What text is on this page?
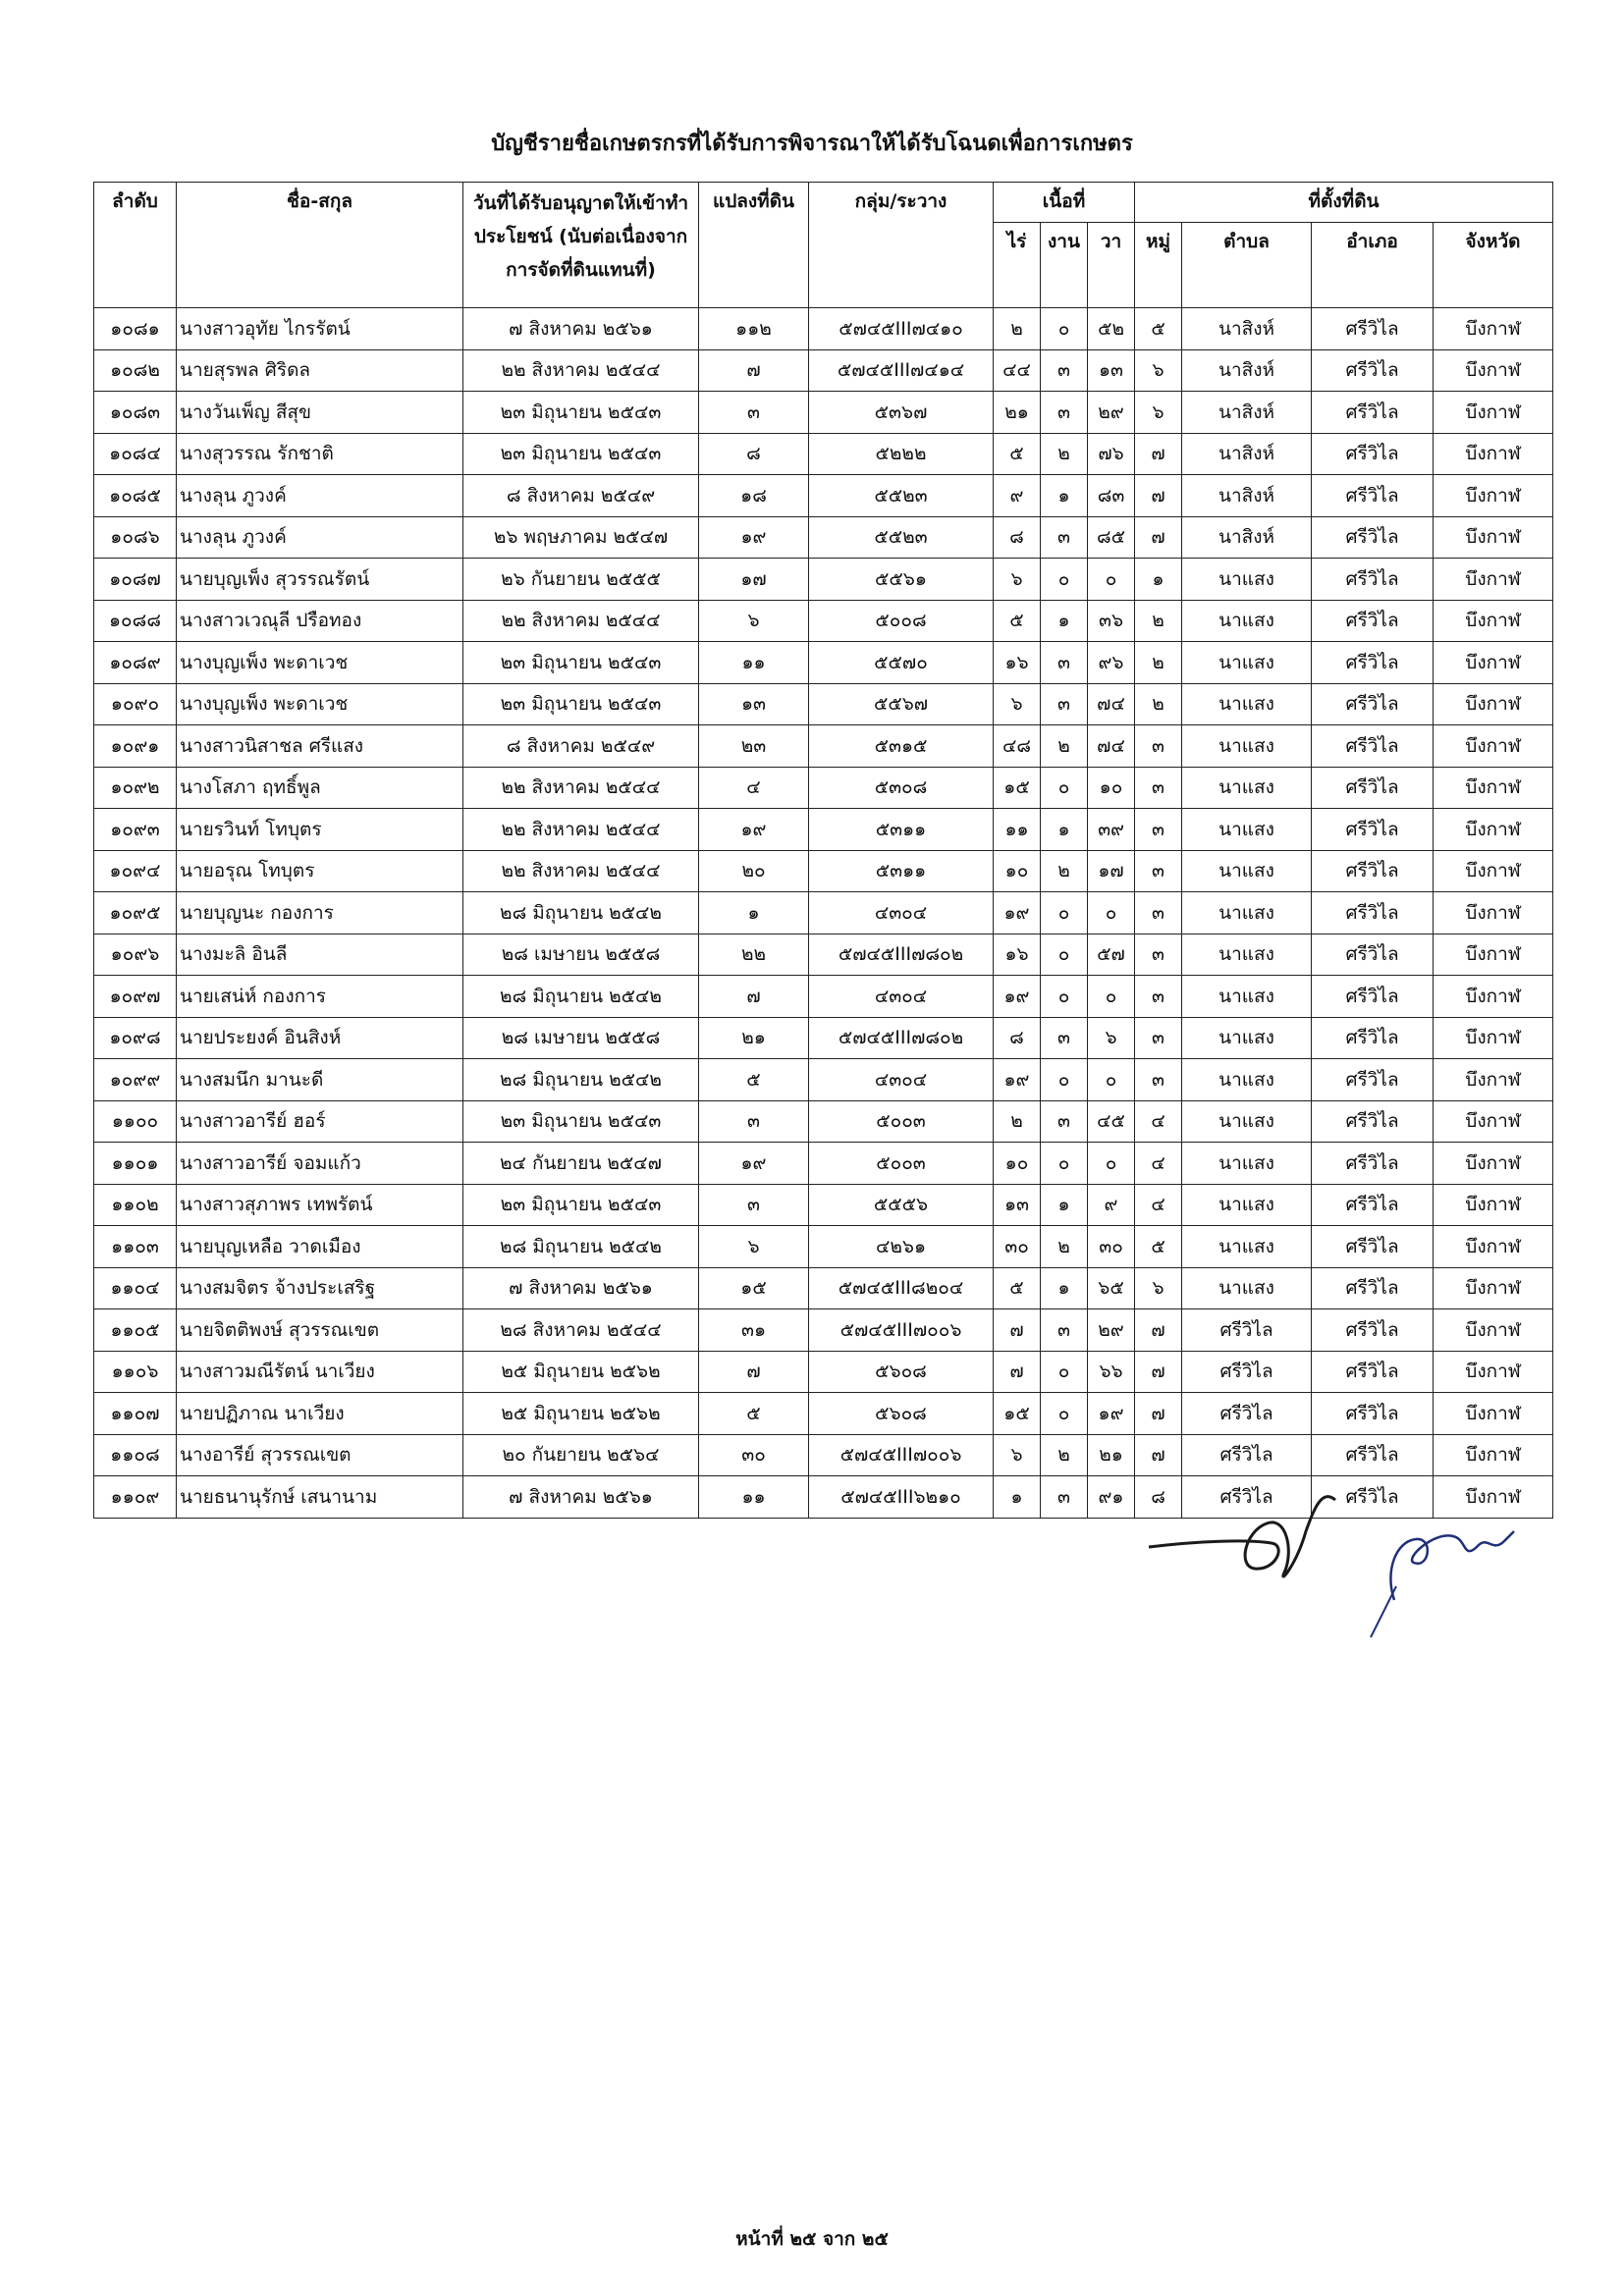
บัญชีรายชื่อเกษตรกรที่ได้รับการพิจารณาให้ได้รับโฉนดเพื่อการเกษตร
ลำดับ	ชื่อ-สกุล	วันที่ได้รับอนุญาตให้เข้าทำประโยชน์ (นับต่อเนื่องจากการจัดที่ดินแทนที่)	แปลงที่ดิน	กลุ่ม/ระวาง	เนื้อที่			ที่ตั้งที่ดิน			
					ไร่	งาน	วา	หมู่	ตำบล	อำเภอ	จังหวัด
๑๐๘๑	นางสาวอุทัย ไกรรัตน์	๗ สิงหาคม ๒๕๖๑	๑๑๒	๕๗๔๕III๗๔๑๐	๒	๐	๕๒	๕	นาสิงห์	ศรีวิไล	บึงกาฬ
๑๐๘๒	นายสุรพล ศิริดล	๒๒ สิงหาคม ๒๕๔๔	๗	๕๗๔๕III๗๔๑๔	๔๔	๓	๑๓	๖	นาสิงห์	ศรีวิไล	บึงกาฬ
๑๐๘๓	นางวันเพ็ญ สีสุข	๒๓ มิถุนายน ๒๕๔๓	๓	๕๓๖๗	๒๑	๓	๒๙	๖	นาสิงห์	ศรีวิไล	บึงกาฬ
๑๐๘๔	นางสุวรรณ รักชาติ	๒๓ มิถุนายน ๒๕๔๓	๘	๕๒๒๒	๕	๒	๗๖	๗	นาสิงห์	ศรีวิไล	บึงกาฬ
๑๐๘๕	นางลุน ภูวงค์	๘ สิงหาคม ๒๕๔๙	๑๘	๕๕๒๓	๙	๑	๘๓	๗	นาสิงห์	ศรีวิไล	บึงกาฬ
๑๐๘๖	นางลุน ภูวงค์	๒๖ พฤษภาคม ๒๕๔๗	๑๙	๕๕๒๓	๘	๓	๘๕	๗	นาสิงห์	ศรีวิไล	บึงกาฬ
๑๐๘๗	นายบุญเพ็ง สุวรรณรัตน์	๒๖ กันยายน ๒๕๕๕	๑๗	๕๕๖๑	๖	๐	๐	๑	นาแสง	ศรีวิไล	บึงกาฬ
๑๐๘๘	นางสาวเวณุลี ปรือทอง	๒๒ สิงหาคม ๒๕๔๔	๖	๕๐๐๘	๕	๑	๓๖	๒	นาแสง	ศรีวิไล	บึงกาฬ
๑๐๘๙	นางบุญเพ็ง พะดาเวช	๒๓ มิถุนายน ๒๕๔๓	๑๑	๕๕๗๐	๑๖	๓	๙๖	๒	นาแสง	ศรีวิไล	บึงกาฬ
๑๐๙๐	นางบุญเพ็ง พะดาเวช	๒๓ มิถุนายน ๒๕๔๓	๑๓	๕๕๖๗	๖	๓	๗๔	๒	นาแสง	ศรีวิไล	บึงกาฬ
๑๐๙๑	นางสาวนิสาชล ศรีแสง	๘ สิงหาคม ๒๕๔๙	๒๓	๕๓๑๕	๔๘	๒	๗๔	๓	นาแสง	ศรีวิไล	บึงกาฬ
๑๐๙๒	นางโสภา ฤทธิ์พูล	๒๒ สิงหาคม ๒๕๔๔	๔	๕๓๐๘	๑๕	๐	๑๐	๓	นาแสง	ศรีวิไล	บึงกาฬ
๑๐๙๓	นายรวินท์ โทบุตร	๒๒ สิงหาคม ๒๕๔๔	๑๙	๕๓๑๑	๑๑	๑	๓๙	๓	นาแสง	ศรีวิไล	บึงกาฬ
๑๐๙๔	นายอรุณ โทบุตร	๒๒ สิงหาคม ๒๕๔๔	๒๐	๕๓๑๑	๑๐	๒	๑๗	๓	นาแสง	ศรีวิไล	บึงกาฬ
๑๐๙๕	นายบุญนะ กองการ	๒๘ มิถุนายน ๒๕๔๒	๑	๔๓๐๔	๑๙	๐	๐	๓	นาแสง	ศรีวิไล	บึงกาฬ
๑๐๙๖	นางมะลิ อินลี	๒๘ เมษายน ๒๕๕๘	๒๒	๕๗๔๕III๗๘๐๒	๑๖	๐	๕๗	๓	นาแสง	ศรีวิไล	บึงกาฬ
๑๐๙๗	นายเสน่ห์ กองการ	๒๘ มิถุนายน ๒๕๔๒	๗	๔๓๐๔	๑๙	๐	๐	๓	นาแสง	ศรีวิไล	บึงกาฬ
๑๐๙๘	นายประยงค์ อินสิงห์	๒๘ เมษายน ๒๕๕๘	๒๑	๕๗๔๕III๗๘๐๒	๘	๓	๖	๓	นาแสง	ศรีวิไล	บึงกาฬ
๑๐๙๙	นางสมนึก มานะดี	๒๘ มิถุนายน ๒๕๔๒	๕	๔๓๐๔	๑๙	๐	๐	๓	นาแสง	ศรีวิไล	บึงกาฬ
๑๑๐๐	นางสาวอารีย์ ฮอร์	๒๓ มิถุนายน ๒๕๔๓	๓	๕๐๐๓	๒	๓	๔๕	๔	นาแสง	ศรีวิไล	บึงกาฬ
๑๑๐๑	นางสาวอารีย์ จอมแก้ว	๒๔ กันยายน ๒๕๔๗	๑๙	๕๐๐๓	๑๐	๐	๐	๔	นาแสง	ศรีวิไล	บึงกาฬ
๑๑๐๒	นางสาวสุภาพร เทพรัตน์	๒๓ มิถุนายน ๒๕๔๓	๓	๕๕๕๖	๑๓	๑	๙	๔	นาแสง	ศรีวิไล	บึงกาฬ
๑๑๐๓	นายบุญเหลือ วาดเมือง	๒๘ มิถุนายน ๒๕๔๒	๖	๔๒๖๑	๓๐	๒	๓๐	๕	นาแสง	ศรีวิไล	บึงกาฬ
๑๑๐๔	นางสมจิตร จ้างประเสริฐ	๗ สิงหาคม ๒๕๖๑	๑๕	๕๗๔๕III๘๒๐๔	๕	๑	๖๕	๖	นาแสง	ศรีวิไล	บึงกาฬ
๑๑๐๕	นายจิตติพงษ์ สุวรรณเขต	๒๘ สิงหาคม ๒๕๔๔	๓๑	๕๗๔๕III๗๐๐๖	๗	๓	๒๙	๗	ศรีวิไล	ศรีวิไล	บึงกาฬ
๑๑๐๖	นางสาวมณีรัตน์ นาเวียง	๒๕ มิถุนายน ๒๕๖๒	๗	๕๖๐๘	๗	๐	๖๖	๗	ศรีวิไล	ศรีวิไล	บึงกาฬ
๑๑๐๗	นายปฏิภาณ นาเวียง	๒๕ มิถุนายน ๒๕๖๒	๕	๕๖๐๘	๑๕	๐	๑๙	๗	ศรีวิไล	ศรีวิไล	บึงกาฬ
๑๑๐๘	นางอารีย์ สุวรรณเขต	๒๐ กันยายน ๒๕๖๔	๓๐	๕๗๔๕III๗๐๐๖	๖	๒	๒๑	๗	ศรีวิไล	ศรีวิไล	บึงกาฬ
๑๑๐๙	นายธนานุรักษ์ เสนานาม	๗ สิงหาคม ๒๕๖๑	๑๑	๕๗๔๕III๖๒๑๐	๑	๓	๙๑	๘	ศรีวิไล	ศรีวิไล	บึงกาฬ
หน้าที่ ๒๕ จาก ๒๕
